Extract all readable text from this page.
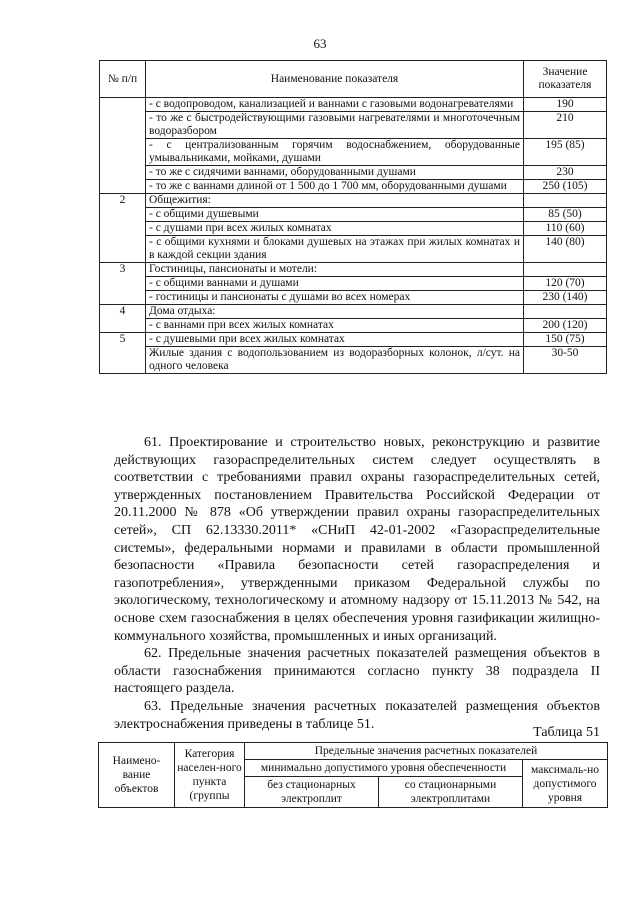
63
№ п/п	Наименование показателя	Значение показателя
	- с водопроводом, канализацией и ваннами с газовыми водонагревателями	190
	- то же с быстродействующими газовыми нагревателями и многоточечным водоразбором	210
	- с централизованным горячим водоснабжением, оборудованные умывальниками, мойками, душами	195 (85)
	- то же с сидячими ваннами, оборудованными душами	230
	- то же с ваннами длиной от 1 500 до 1 700 мм, оборудованными душами	250 (105)
2	Общежития:	
	- с общими душевыми	85 (50)
	- с душами при всех жилых комнатах	110 (60)
	- с общими кухнями и блоками душевых на этажах при жилых комнатах и в каждой секции здания	140 (80)
3	Гостиницы, пансионаты и мотели:	
	- с общими ваннами и душами	120 (70)
	- гостиницы и пансионаты с душами во всех номерах	230 (140)
4	Дома отдыха:	
	- с ваннами при всех жилых комнатах	200 (120)
5	- с душевыми при всех жилых комнатах	150 (75)
	Жилые здания с водопользованием из водоразборных колонок, л/сут. на одного человека	30-50

61. Проектирование и строительство новых, реконструкцию и развитие действующих газораспределительных систем следует осуществлять в соответствии с требованиями правил охраны газораспределительных сетей, утвержденных постановлением Правительства Российской Федерации от 20.11.2000 № 878 «Об утверждении правил охраны газораспределительных сетей», СП 62.13330.2011* «СНиП 42-01-2002 «Газораспределительные системы», федеральными нормами и правилами в области промышленной безопасности «Правила безопасности сетей газораспределения и газопотребления», утвержденными приказом Федеральной службы по экологическому, технологическому и атомному надзору от 15.11.2013 № 542, на основе схем газоснабжения в целях обеспечения уровня газификации жилищно-коммунального хозяйства, промышленных и иных организаций.

62. Предельные значения расчетных показателей размещения объектов в области газоснабжения принимаются согласно пункту 38 подраздела II настоящего раздела.

63. Предельные значения расчетных показателей размещения объектов электроснабжения приведены в таблице 51.

Таблица 51
Наимено-вание объектов	Категория населен-ного пункта (группы	Предельные значения расчетных показателей		
		минимально допустимого уровня обеспеченности		максималь-но допустимого уровня
		без стационарных электроплит	со стационарными электроплитами	
